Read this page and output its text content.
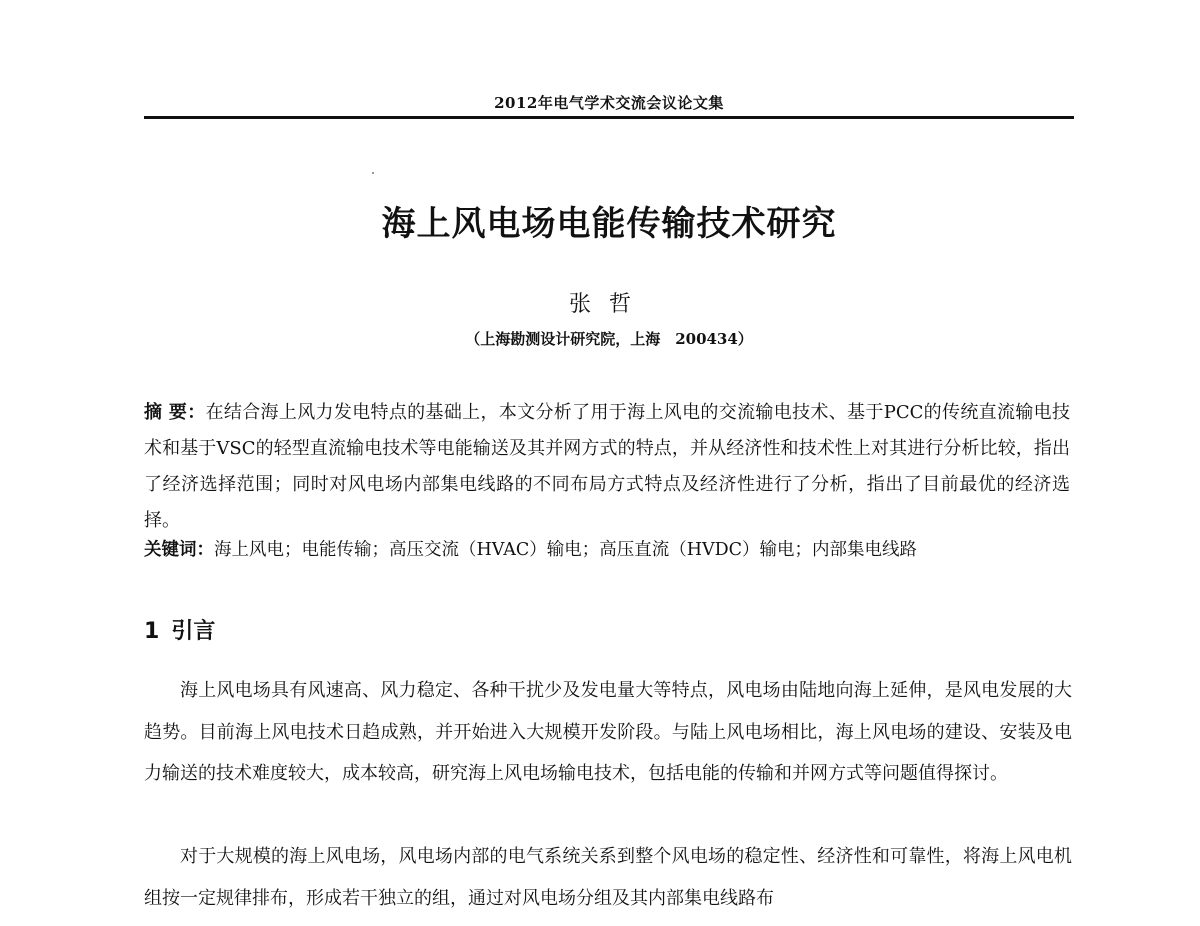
2012年电气学术交流会议论文集
海上风电场电能传输技术研究
张哲
（上海勘测设计研究院，上海　200434）
摘 要：在结合海上风力发电特点的基础上，本文分析了用于海上风电的交流输电技术、基于PCC的传统直流输电技术和基于VSC的轻型直流输电技术等电能输送及其并网方式的特点，并从经济性和技术性上对其进行分析比较，指出了经济选择范围；同时对风电场内部集电线路的不同布局方式特点及经济性进行了分析，指出了目前最优的经济选择。
关键词：海上风电；电能传输；高压交流（HVAC）输电；高压直流（HVDC）输电；内部集电线路
1 引言
海上风电场具有风速高、风力稳定、各种干扰少及发电量大等特点，风电场由陆地向海上延伸，是风电发展的大趋势。目前海上风电技术日趋成熟，并开始进入大规模开发阶段。与陆上风电场相比，海上风电场的建设、安装及电力输送的技术难度较大，成本较高，研究海上风电场输电技术，包括电能的传输和并网方式等问题值得探讨。
对于大规模的海上风电场，风电场内部的电气系统关系到整个风电场的稳定性、经济性和可靠性，将海上风电机组按一定规律排布，形成若干独立的组，通过对风电场分组及其内部集电线路布
